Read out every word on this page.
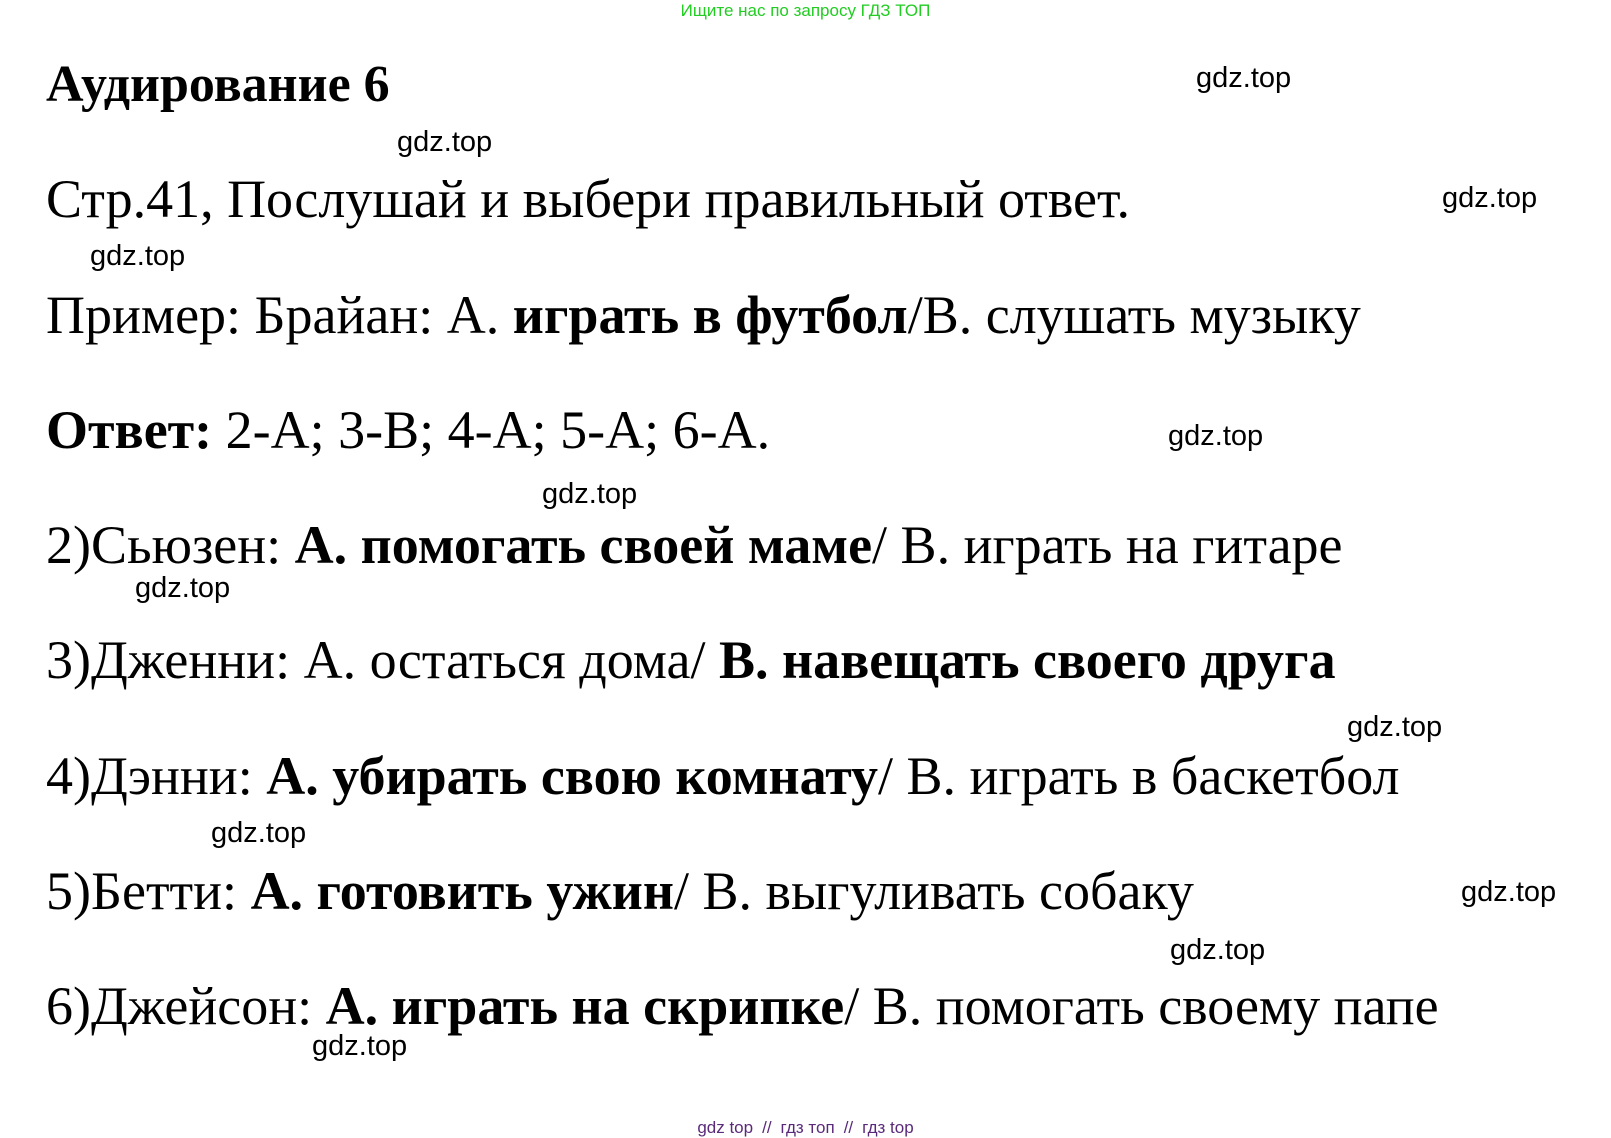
Ищите нас по запросу ГДЗ ТОП
Аудирование 6
Стр.41, Послушай и выбери правильный ответ.
Пример: Брайан: А. играть в футбол/В. слушать музыку
Ответ: 2-А; 3-В; 4-А; 5-А; 6-А.
2)Сьюзен: А. помогать своей маме/ В. играть на гитаре
3)Дженни: А. остаться дома/ В. навещать своего друга
4)Дэнни: А. убирать свою комнату/ В. играть в баскетбол
5)Бетти: А. готовить ужин/ В. выгуливать собаку
6)Джейсон: А. играть на скрипке/ В. помогать своему папе
gdz.top
gdz.top
gdz.top
gdz.top
gdz.top
gdz.top
gdz.top
gdz.top
gdz.top
gdz.top
gdz.top
gdz.top
gdz top // гдз топ // гдз top
